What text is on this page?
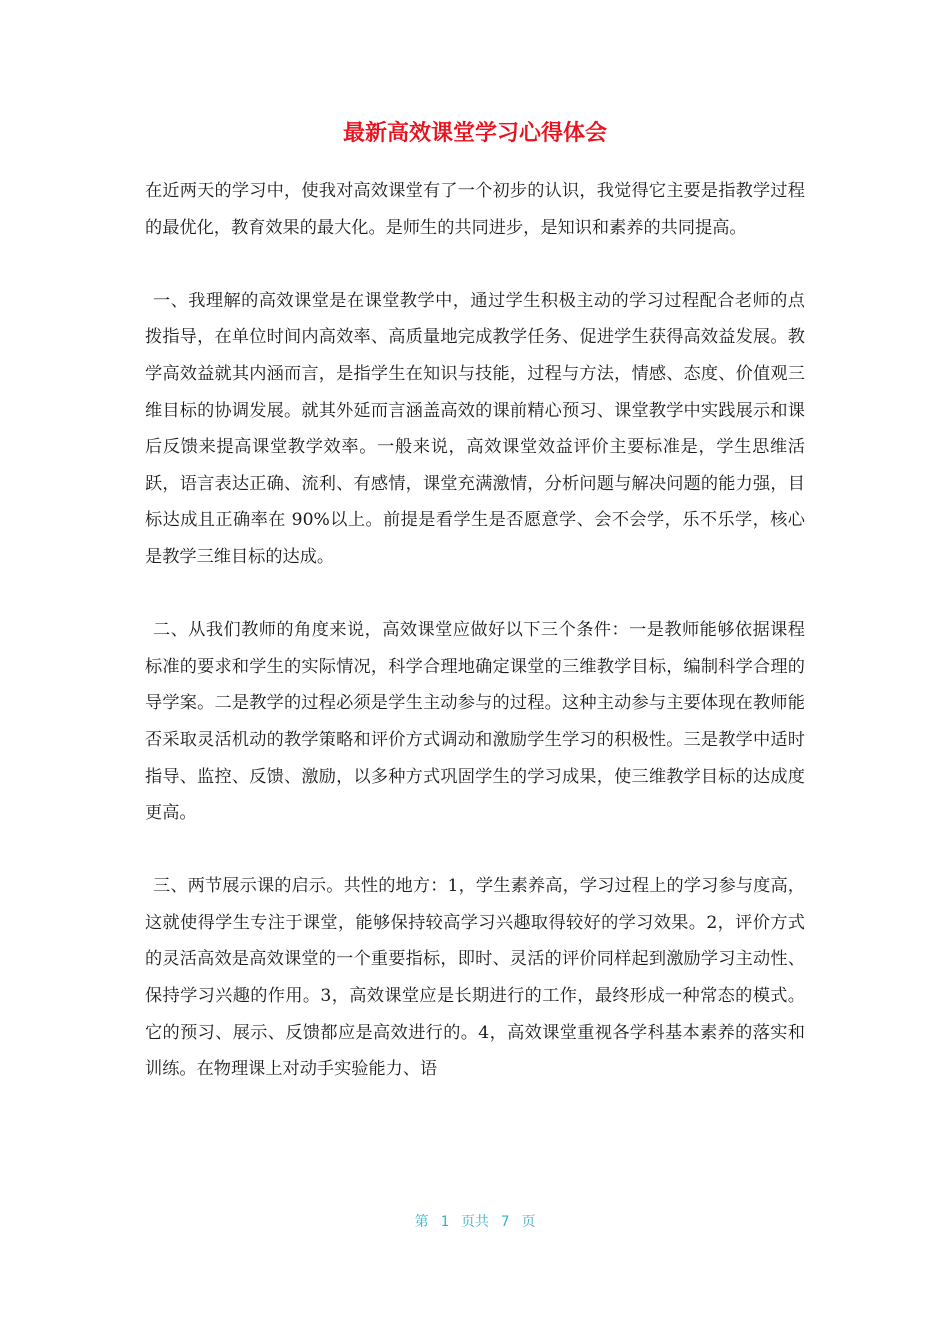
最新高效课堂学习心得体会

在近两天的学习中，使我对高效课堂有了一个初步的认识，我觉得它主要是指教学过程的最优化，教育效果的最大化。是师生的共同进步，是知识和素养的共同提高。

一、我理解的高效课堂是在课堂教学中，通过学生积极主动的学习过程配合老师的点拨指导，在单位时间内高效率、高质量地完成教学任务、促进学生获得高效益发展。教学高效益就其内涵而言，是指学生在知识与技能，过程与方法，情感、态度、价值观三维目标的协调发展。就其外延而言涵盖高效的课前精心预习、课堂教学中实践展示和课后反馈来提高课堂教学效率。一般来说，高效课堂效益评价主要标准是，学生思维活跃，语言表达正确、流利、有感情，课堂充满激情，分析问题与解决问题的能力强，目标达成且正确率在 90%以上。前提是看学生是否愿意学、会不会学，乐不乐学，核心是教学三维目标的达成。

二、从我们教师的角度来说，高效课堂应做好以下三个条件：一是教师能够依据课程标准的要求和学生的实际情况，科学合理地确定课堂的三维教学目标，编制科学合理的导学案。二是教学的过程必须是学生主动参与的过程。这种主动参与主要体现在教师能否采取灵活机动的教学策略和评价方式调动和激励学生学习的积极性。三是教学中适时指导、监控、反馈、激励，以多种方式巩固学生的学习成果，使三维教学目标的达成度更高。

三、两节展示课的启示。共性的地方：1，学生素养高，学习过程上的学习参与度高，这就使得学生专注于课堂，能够保持较高学习兴趣取得较好的学习效果。2，评价方式的灵活高效是高效课堂的一个重要指标，即时、灵活的评价同样起到激励学习主动性、保持学习兴趣的作用。3，高效课堂应是长期进行的工作，最终形成一种常态的模式。它的预习、展示、反馈都应是高效进行的。4，高效课堂重视各学科基本素养的落实和训练。在物理课上对动手实验能力、语

第 1 页共 7 页
